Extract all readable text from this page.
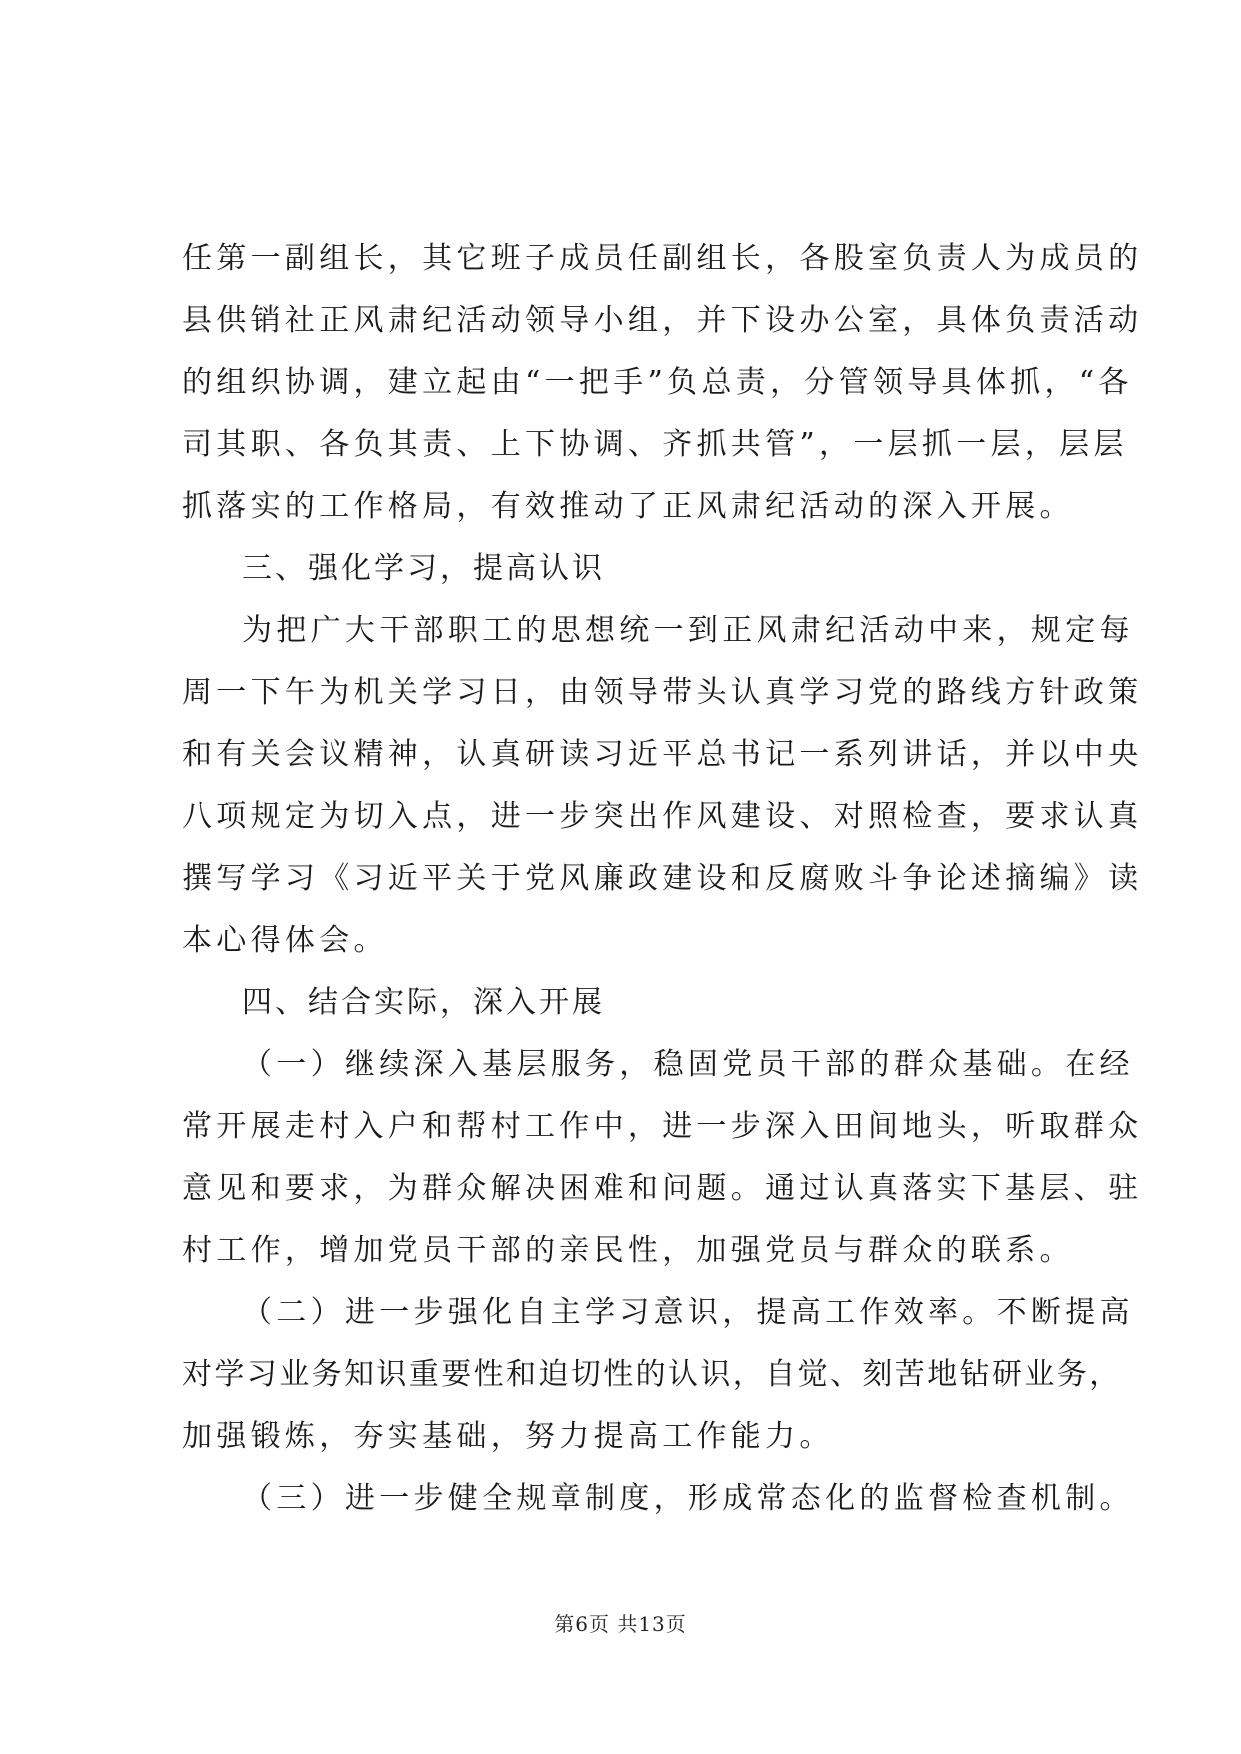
任第一副组长，其它班子成员任副组长，各股室负责人为成员的
县供销社正风肃纪活动领导小组，并下设办公室，具体负责活动
的组织协调，建立起由“一把手”负总责，分管领导具体抓，“各
司其职、各负其责、上下协调、齐抓共管”，一层抓一层，层层
抓落实的工作格局，有效推动了正风肃纪活动的深入开展。
三、强化学习，提高认识
为把广大干部职工的思想统一到正风肃纪活动中来，规定每
周一下午为机关学习日，由领导带头认真学习党的路线方针政策
和有关会议精神，认真研读习近平总书记一系列讲话，并以中央
八项规定为切入点，进一步突出作风建设、对照检查，要求认真
撰写学习《习近平关于党风廉政建设和反腐败斗争论述摘编》读
本心得体会。
四、结合实际，深入开展
（一）继续深入基层服务，稳固党员干部的群众基础。在经
常开展走村入户和帮村工作中，进一步深入田间地头，听取群众
意见和要求，为群众解决困难和问题。通过认真落实下基层、驻
村工作，增加党员干部的亲民性，加强党员与群众的联系。
（二）进一步强化自主学习意识，提高工作效率。不断提高
对学习业务知识重要性和迫切性的认识，自觉、刻苦地钻研业务，
加强锻炼，夯实基础，努力提高工作能力。
（三）进一步健全规章制度，形成常态化的监督检查机制。
第6页 共13页
